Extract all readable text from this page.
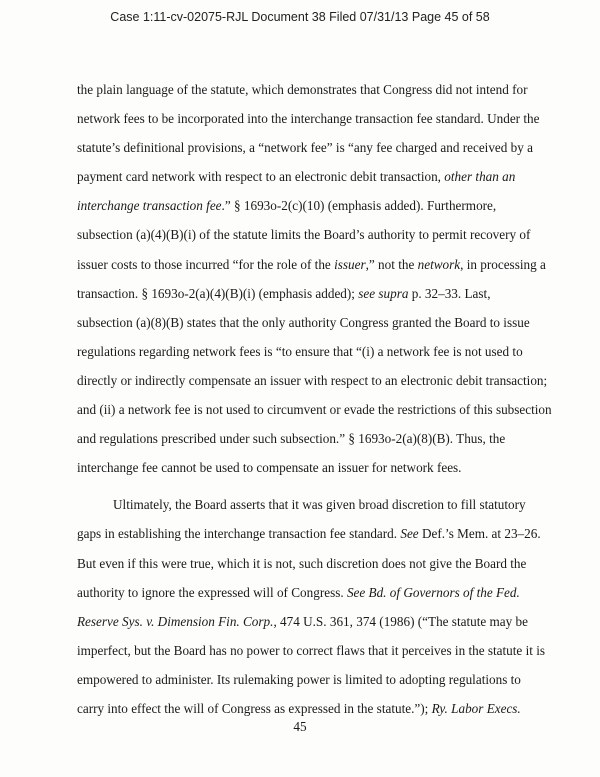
Case 1:11-cv-02075-RJL Document 38 Filed 07/31/13 Page 45 of 58
the plain language of the statute, which demonstrates that Congress did not intend for
network fees to be incorporated into the interchange transaction fee standard. Under the
statute’s definitional provisions, a “network fee” is “any fee charged and received by a
payment card network with respect to an electronic debit transaction, other than an
interchange transaction fee.” § 1693o-2(c)(10) (emphasis added). Furthermore,
subsection (a)(4)(B)(i) of the statute limits the Board’s authority to permit recovery of
issuer costs to those incurred “for the role of the issuer,” not the network, in processing a
transaction. § 1693o-2(a)(4)(B)(i) (emphasis added); see supra p. 32–33. Last,
subsection (a)(8)(B) states that the only authority Congress granted the Board to issue
regulations regarding network fees is “to ensure that “(i) a network fee is not used to
directly or indirectly compensate an issuer with respect to an electronic debit transaction;
and (ii) a network fee is not used to circumvent or evade the restrictions of this subsection
and regulations prescribed under such subsection.” § 1693o-2(a)(8)(B). Thus, the
interchange fee cannot be used to compensate an issuer for network fees.
Ultimately, the Board asserts that it was given broad discretion to fill statutory
gaps in establishing the interchange transaction fee standard. See Def.’s Mem. at 23–26.
But even if this were true, which it is not, such discretion does not give the Board the
authority to ignore the expressed will of Congress. See Bd. of Governors of the Fed.
Reserve Sys. v. Dimension Fin. Corp., 474 U.S. 361, 374 (1986) (“The statute may be
imperfect, but the Board has no power to correct flaws that it perceives in the statute it is
empowered to administer. Its rulemaking power is limited to adopting regulations to
carry into effect the will of Congress as expressed in the statute.”); Ry. Labor Execs.
45
